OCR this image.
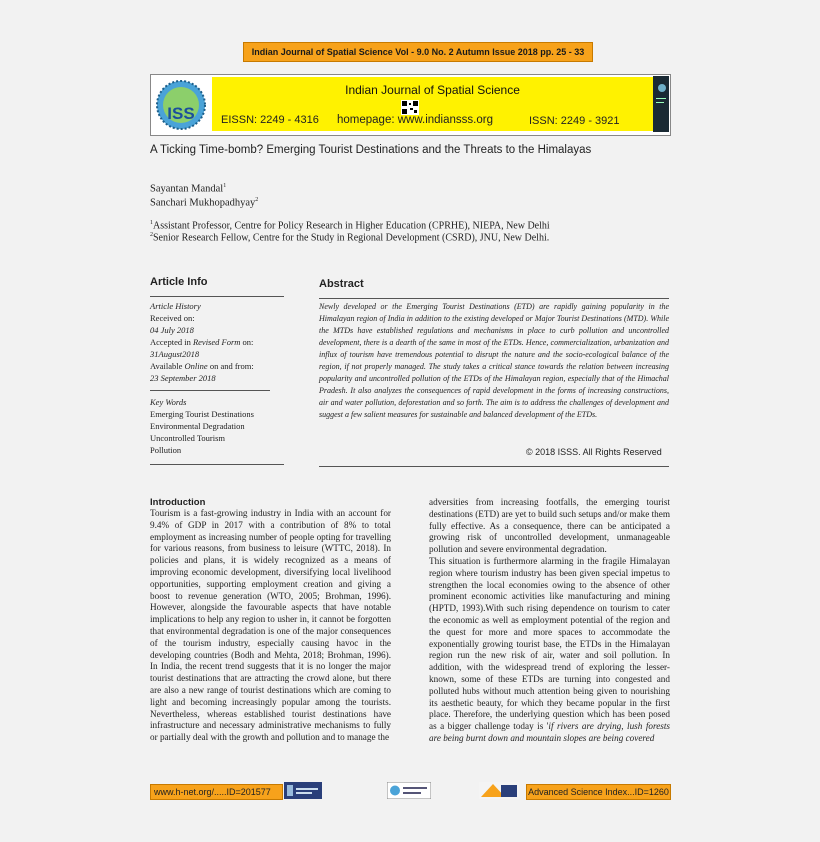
Indian Journal of Spatial Science Vol - 9.0 No. 2 Autumn Issue 2018 pp. 25 - 33
ISS
Indian Journal of Spatial Science
EISSN: 2249 - 4316 homepage: www.indiansss.org	ISSN: 2249 - 3921
A Ticking Time-bomb? Emerging Tourist Destinations and the Threats to the Himalayas
Sayantan Mandal$^1$
Sanchari Mukhopadhyay$^2$
$^1$Assistant Professor, Centre for Policy Research in Higher Education (CPRHE), NIEPA, New Delhi
$^2$Senior Research Fellow, Centre for the Study in Regional Development (CSRD), JNU, New Delhi.
Article Info	Abstract
Article History
Received on:
04 July 2018
Accepted in Revised Form on:
31August2018
Available Online on and from:
23 September 2018
Key Words
Emerging Tourist Destinations
Environmental Degradation
Uncontrolled Tourism
Pollution
Newly developed or the Emerging Tourist Destinations (ETD) are rapidly gaining popularity in the Himalayan region of India in addition to the existing developed or Major Tourist Destinations (MTD). While the MTDs have established regulations and mechanisms in place to curb pollution and uncontrolled development, there is a dearth of the same in most of the ETDs. Hence, commercialization, urbanization and influx of tourism have tremendous potential to disrupt the nature and the socio-ecological balance of the region, if not properly managed. The study takes a critical stance towards the relation between increasing popularity and uncontrolled pollution of the ETDs of the Himalayan region, especially that of the Himachal Pradesh. It also analyzes the consequences of rapid development in the forms of increasing constructions, air and water pollution, deforestation and so forth. The aim is to address the challenges of development and suggest a few salient measures for sustainable and balanced development of the ETDs.
© 2018 ISSS. All Rights Reserved
Introduction
Tourism is a fast-growing industry in India with an account for 9.4% of GDP in 2017 with a contribution of 8% to total employment as increasing number of people opting for travelling for various reasons, from business to leisure (WTTC, 2018). In policies and plans, it is widely recognized as a means of improving economic development, diversifying local livelihood opportunities, supporting employment creation and giving a boost to revenue generation (WTO, 2005; Brohman, 1996). However, alongside the favourable aspects that have notable implications to help any region to usher in, it cannot be forgotten that environmental degradation is one of the major consequences of the tourism industry, especially causing havoc in the developing countries (Bodh and Mehta, 2018; Brohman, 1996). In India, the recent trend suggests that it is no longer the major tourist destinations that are attracting the crowd alone, but there are also a new range of tourist destinations which are coming to light and becoming increasingly popular among the tourists. Nevertheless, whereas established tourist destinations have infrastructure and necessary administrative mechanisms to fully or partially deal with the growth and pollution and to manage the
adversities from increasing footfalls, the emerging tourist destinations (ETD) are yet to build such setups and/or make them fully effective. As a consequence, there can be anticipated a growing risk of uncontrolled development, unmanageable pollution and severe environmental degradation.
This situation is furthermore alarming in the fragile Himalayan region where tourism industry has been given special impetus to strengthen the local economies owing to the absence of other prominent economic activities like manufacturing and mining (HPTD, 1993).With such rising dependence on tourism to cater the economic as well as employment potential of the region and the quest for more and more spaces to accommodate the exponentially growing tourist base, the ETDs in the Himalayan region run the new risk of air, water and soil pollution. In addition, with the widespread trend of exploring the lesser-known, some of these ETDs are turning into congested and polluted hubs without much attention being given to nourishing its aesthetic beauty, for which they became popular in the first place. Therefore, the underlying question which has been posed as a bigger challenge today is 'if rivers are drying, lush forests are being burnt down and mountain slopes are being covered
www.h-net.org/.....ID=201577	Advanced Science Index...ID=1260
